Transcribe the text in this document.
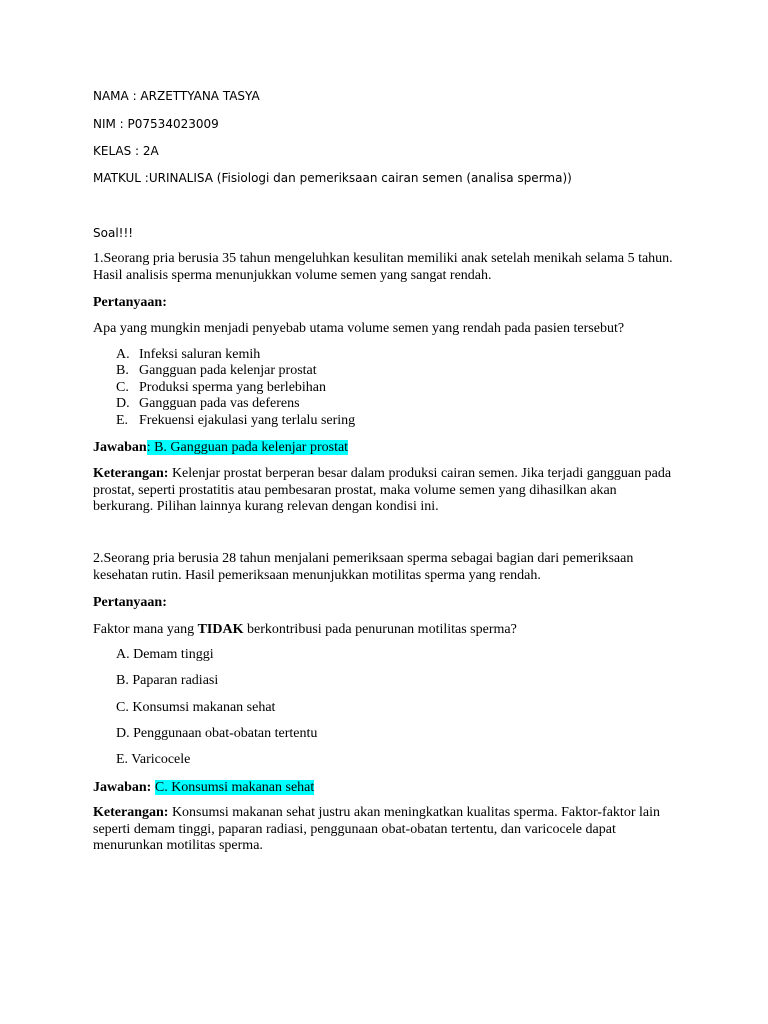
NAMA : ARZETTYANA TASYA
NIM : P07534023009
KELAS : 2A
MATKUL :URINALISA (Fisiologi dan pemeriksaan cairan semen (analisa sperma))
Soal!!!
1.Seorang pria berusia 35 tahun mengeluhkan kesulitan memiliki anak setelah menikah selama 5 tahun. Hasil analisis sperma menunjukkan volume semen yang sangat rendah.
Pertanyaan:
Apa yang mungkin menjadi penyebab utama volume semen yang rendah pada pasien tersebut?
A. Infeksi saluran kemih
B. Gangguan pada kelenjar prostat
C. Produksi sperma yang berlebihan
D. Gangguan pada vas deferens
E. Frekuensi ejakulasi yang terlalu sering
Jawaban: B. Gangguan pada kelenjar prostat
Keterangan: Kelenjar prostat berperan besar dalam produksi cairan semen. Jika terjadi gangguan pada prostat, seperti prostatitis atau pembesaran prostat, maka volume semen yang dihasilkan akan berkurang. Pilihan lainnya kurang relevan dengan kondisi ini.
2.Seorang pria berusia 28 tahun menjalani pemeriksaan sperma sebagai bagian dari pemeriksaan kesehatan rutin. Hasil pemeriksaan menunjukkan motilitas sperma yang rendah.
Pertanyaan:
Faktor mana yang TIDAK berkontribusi pada penurunan motilitas sperma?
A. Demam tinggi
B. Paparan radiasi
C. Konsumsi makanan sehat
D. Penggunaan obat-obatan tertentu
E. Varicocele
Jawaban: C. Konsumsi makanan sehat
Keterangan: Konsumsi makanan sehat justru akan meningkatkan kualitas sperma. Faktor-faktor lain seperti demam tinggi, paparan radiasi, penggunaan obat-obatan tertentu, dan varicocele dapat menurunkan motilitas sperma.
